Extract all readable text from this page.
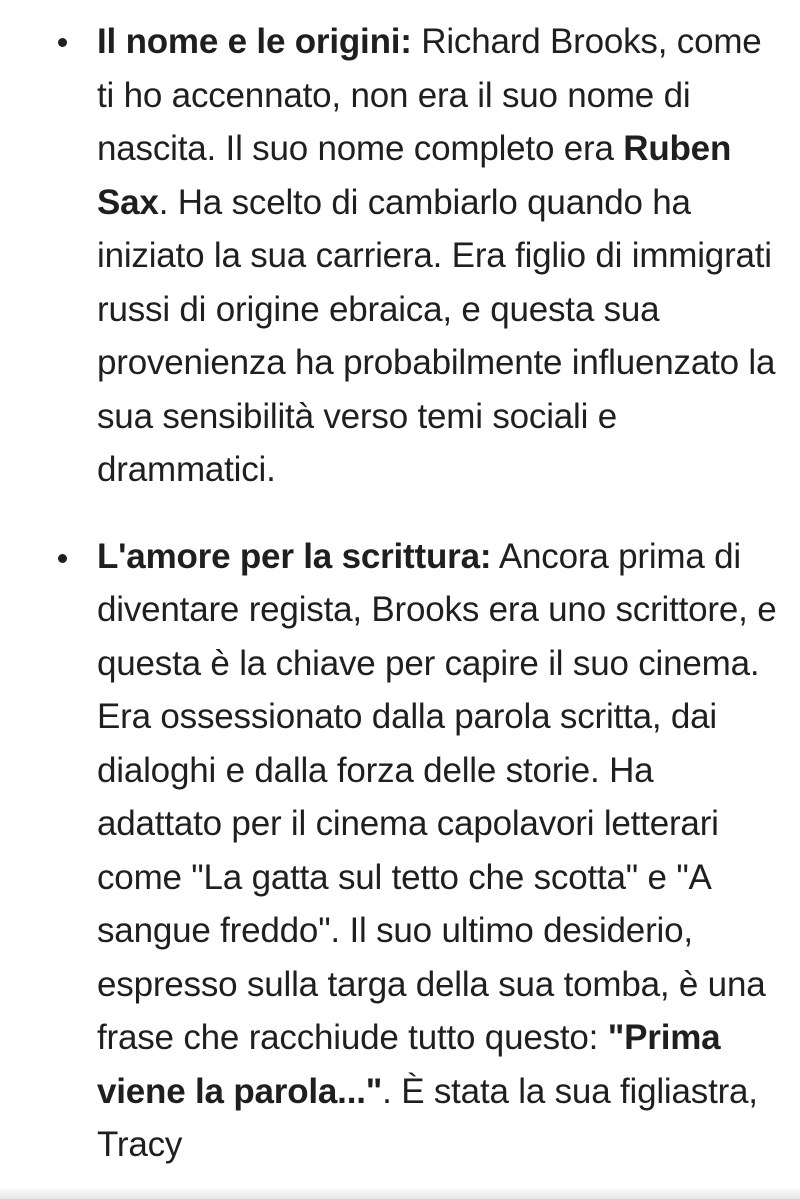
Il nome e le origini: Richard Brooks, come ti ho accennato, non era il suo nome di nascita. Il suo nome completo era Ruben Sax. Ha scelto di cambiarlo quando ha iniziato la sua carriera. Era figlio di immigrati russi di origine ebraica, e questa sua provenienza ha probabilmente influenzato la sua sensibilità verso temi sociali e drammatici.
L'amore per la scrittura: Ancora prima di diventare regista, Brooks era uno scrittore, e questa è la chiave per capire il suo cinema. Era ossessionato dalla parola scritta, dai dialoghi e dalla forza delle storie. Ha adattato per il cinema capolavori letterari come "La gatta sul tetto che scotta" e "A sangue freddo". Il suo ultimo desiderio, espresso sulla targa della sua tomba, è una frase che racchiude tutto questo: "Prima viene la parola...". È stata la sua figliastra, Tracy
